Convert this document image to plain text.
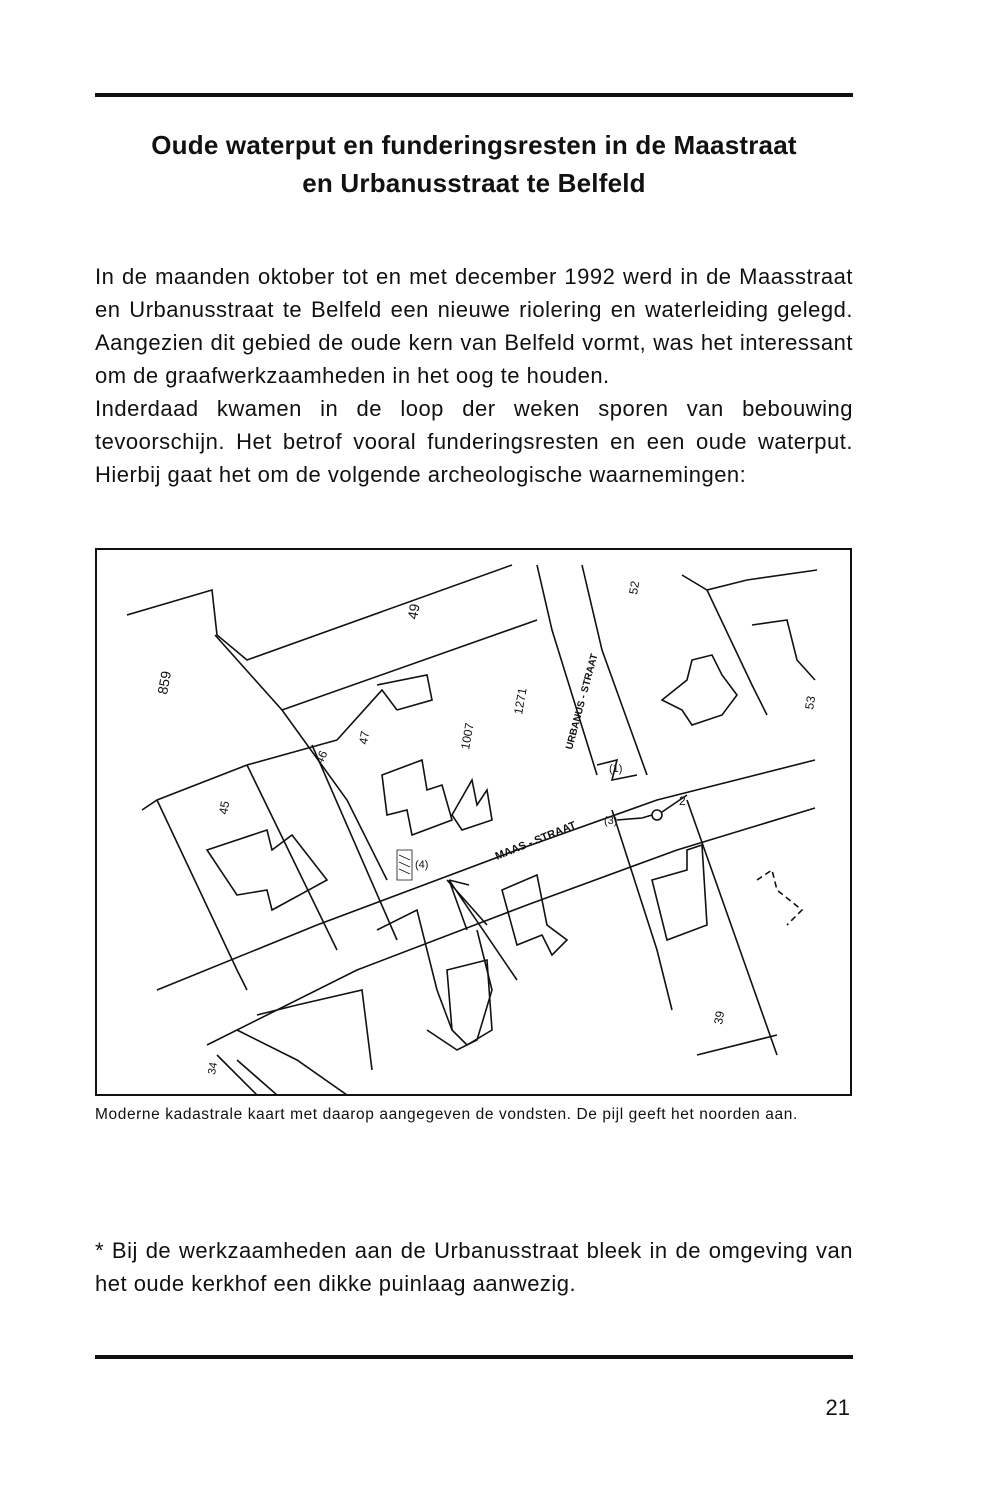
Oude waterput en funderingsresten in de Maastraat
en Urbanusstraat te Belfeld

In de maanden oktober tot en met december 1992 werd in de Maasstraat en Urbanusstraat te Belfeld een nieuwe riolering en waterleiding gelegd. Aangezien dit gebied de oude kern van Belfeld vormt, was het interessant om de graafwerkzaamheden in het oog te houden.

Inderdaad kwamen in de loop der weken sporen van bebouwing tevoorschijn. Het betrof vooral funderingsresten en een oude waterput. Hierbij gaat het om de volgende archeologische waarnemingen:

MAAS - STRAAT
URBANUS - STRAAT
859
49
1007
1271
52
53
45
46
47
39
34
(1)
(3)
2
(4)
Moderne kadastrale kaart met daarop aangegeven de vondsten. De pijl geeft het noorden aan.
* Bij de werkzaamheden aan de Urbanusstraat bleek in de omgeving van het oude kerkhof een dikke puinlaag aanwezig.
21
